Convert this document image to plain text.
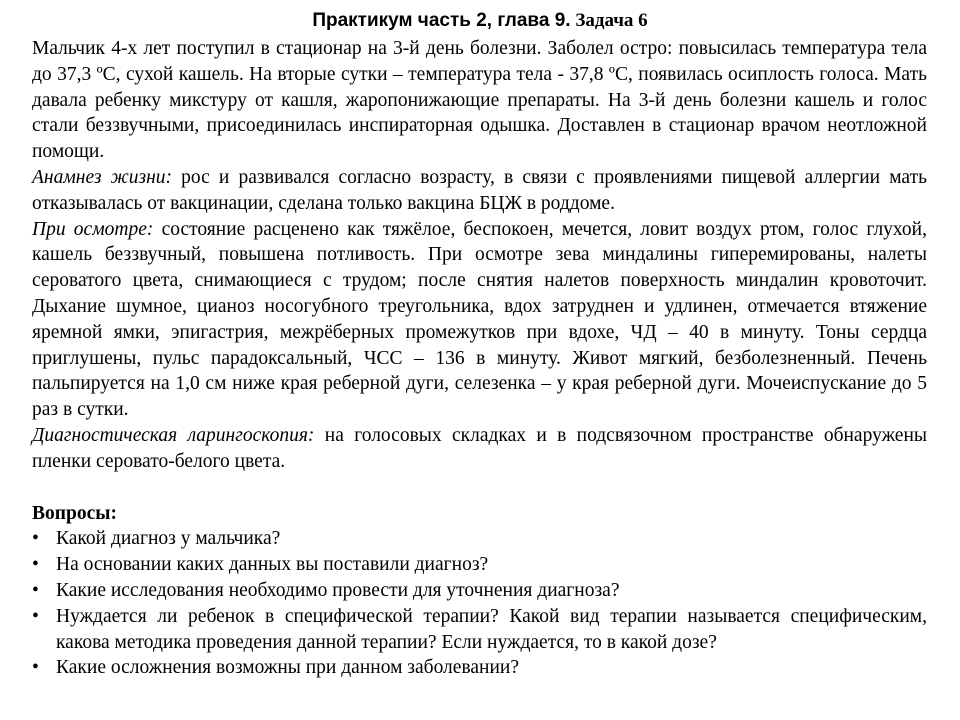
Практикум часть 2, глава 9. Задача 6

Мальчик 4-х лет поступил в стационар на 3-й день болезни. Заболел остро: повысилась температура тела до 37,3 ºС, сухой кашель. На вторые сутки – температура тела - 37,8 ºС, появилась осиплость голоса. Мать давала ребенку микстуру от кашля, жаропонижающие препараты. На 3-й день болезни кашель и голос стали беззвучными, присоединилась инспираторная одышка. Доставлен в стационар врачом неотложной помощи.

Анамнез жизни: рос и развивался согласно возрасту, в связи с проявлениями пищевой аллергии мать отказывалась от вакцинации, сделана только вакцина БЦЖ в роддоме.

При осмотре: состояние расценено как тяжёлое, беспокоен, мечется, ловит воздух ртом, голос глухой, кашель беззвучный, повышена потливость. При осмотре зева миндалины гиперемированы, налеты сероватого цвета, снимающиеся с трудом; после снятия налетов поверхность миндалин кровоточит. Дыхание шумное, цианоз носогубного треугольника, вдох затруднен и удлинен, отмечается втяжение яремной ямки, эпигастрия, межрёберных промежутков при вдохе, ЧД – 40 в минуту. Тоны сердца приглушены, пульс парадоксальный, ЧСС – 136 в минуту. Живот мягкий, безболезненный. Печень пальпируется на 1,0 см ниже края реберной дуги, селезенка – у края реберной дуги. Мочеиспускание до 5 раз в сутки.

Диагностическая ларингоскопия: на голосовых складках и в подсвязочном пространстве обнаружены пленки серовато-белого цвета.

Вопросы:

• Какой диагноз у мальчика?
• На основании каких данных вы поставили диагноз?
• Какие исследования необходимо провести для уточнения диагноза?
• Нуждается ли ребенок в специфической терапии? Какой вид терапии называется специфическим, какова методика проведения данной терапии? Если нуждается, то в какой дозе?
• Какие осложнения возможны при данном заболевании?
